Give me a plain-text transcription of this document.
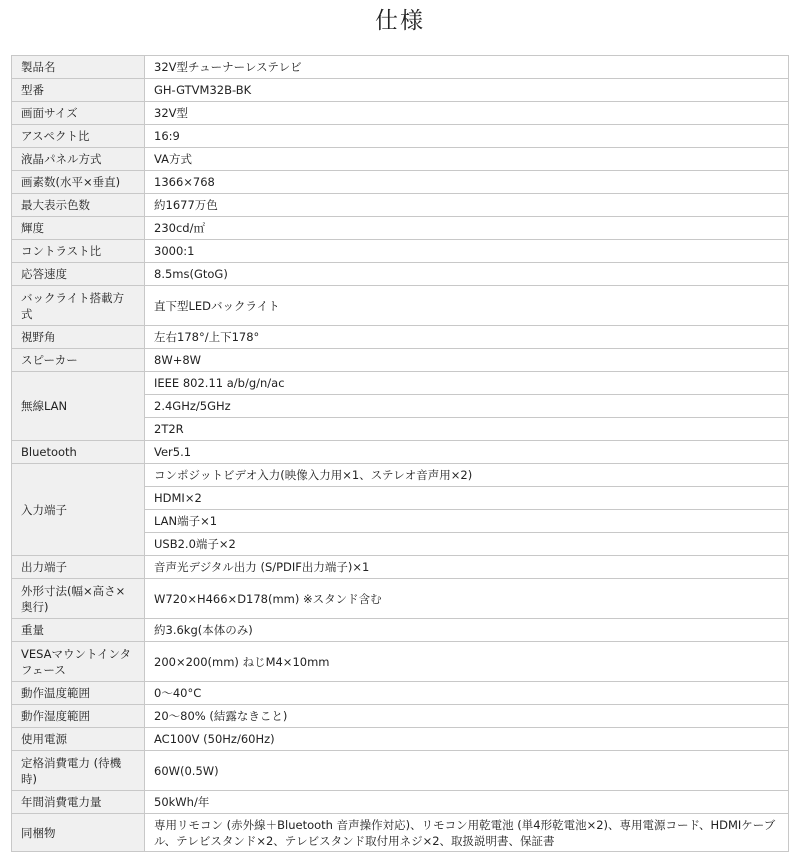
仕様
製品名	32V型チューナーレステレビ
型番	GH-GTVM32B-BK
画面サイズ	32V型
アスペクト比	16:9
液晶パネル方式	VA方式
画素数(水平×垂直)	1366×768
最大表示色数	約1677万色
輝度	230cd/㎡
コントラスト比	3000:1
応答速度	8.5ms(GtoG)
バックライト搭載方式	直下型LEDバックライト
視野角	左右178°/上下178°
スピーカー	8W+8W
無線LAN	IEEE 802.11 a/b/g/n/ac
	2.4GHz/5GHz
	2T2R
Bluetooth	Ver5.1
入力端子	コンポジットビデオ入力(映像入力用×1、ステレオ音声用×2)
	HDMI×2
	LAN端子×1
	USB2.0端子×2
出力端子	音声光デジタル出力 (S/PDIF出力端子)×1
外形寸法(幅×高さ×奥行)	W720×H466×D178(mm) ※スタンド含む
重量	約3.6kg(本体のみ)
VESAマウントインタフェース	200×200(mm) ねじM4×10mm
動作温度範囲	0〜40°C
動作湿度範囲	20〜80% (結露なきこと)
使用電源	AC100V (50Hz/60Hz)
定格消費電力 (待機時)	60W(0.5W)
年間消費電力量	50kWh/年
同梱物	専用リモコン (赤外線＋Bluetooth 音声操作対応)、リモコン用乾電池 (単4形乾電池×2)、専用電源コード、HDMIケーブル、テレビスタンド×2、テレビスタンド取付用ネジ×2、取扱説明書、保証書
